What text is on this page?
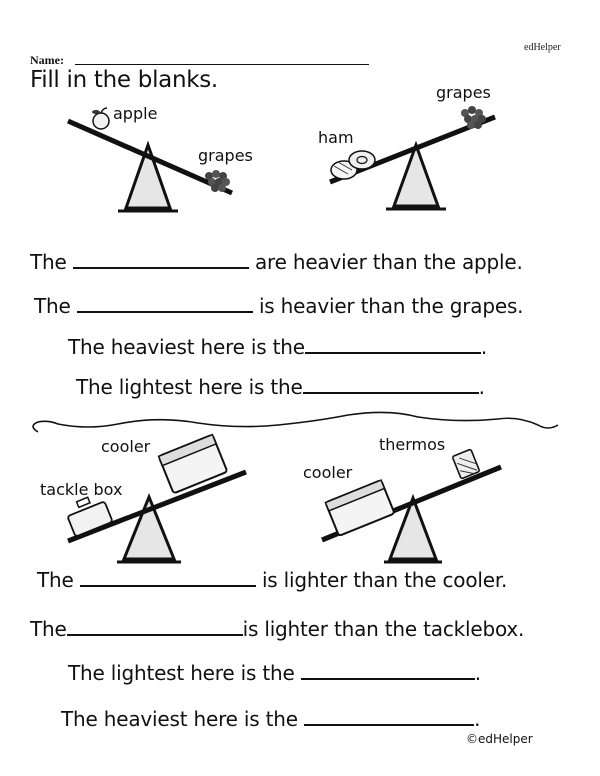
edHelper
Name:
Fill in the blanks.
apple
grapes
grapes
ham
The	are heavier than the apple.
The	is heavier than the grapes.
The heaviest here is the	.
The lightest here is the	.
tackle box
cooler	thermos
cooler
The	is lighter than the cooler.
The	is lighter than the tacklebox.
The lightest here is the	.
The heaviest here is the	.
©edHelper
